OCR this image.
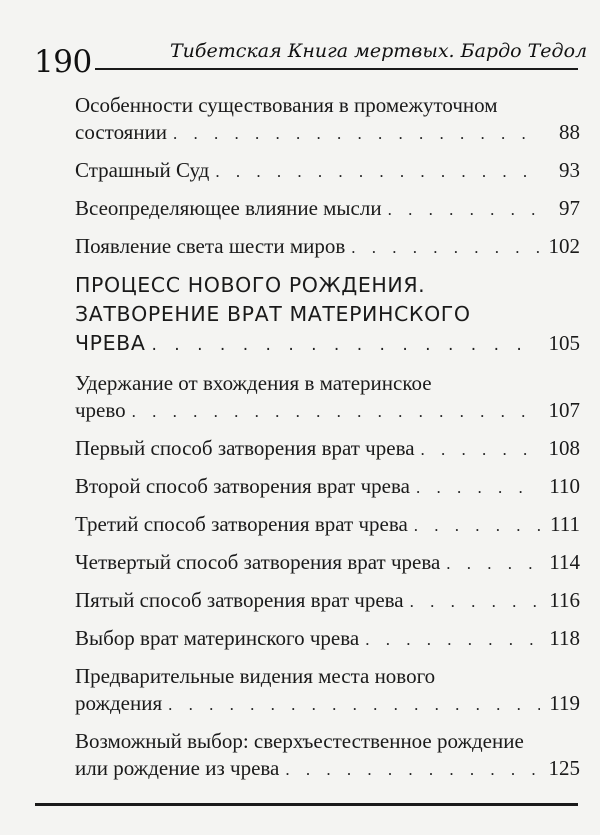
190	Тибетская Книга мертвых. Бардо Тедол
Особенности существования в промежуточном
состоянии . . .	88
Страшный Суд . . .	93
Всеопределяющее влияние мысли . . .	97
Появление света шести миров . . .	102
ПРОЦЕСС НОВОГО РОЖДЕНИЯ.
ЗАТВОРЕНИЕ ВРАТ МАТЕРИНСКОГО
ЧРЕВА . . .	105
Удержание от вхождения в материнское
чрево . . .	107
Первый способ затворения врат чрева . . .	108
Второй способ затворения врат чрева . . .	110
Третий способ затворения врат чрева . . .	111
Четвертый способ затворения врат чрева . . .	114
Пятый способ затворения врат чрева . . .	116
Выбор врат материнского чрева . . .	118
Предварительные видения места нового
рождения . . .	119
Возможный выбор: сверхъестественное рождение
или рождение из чрева . . .	125
